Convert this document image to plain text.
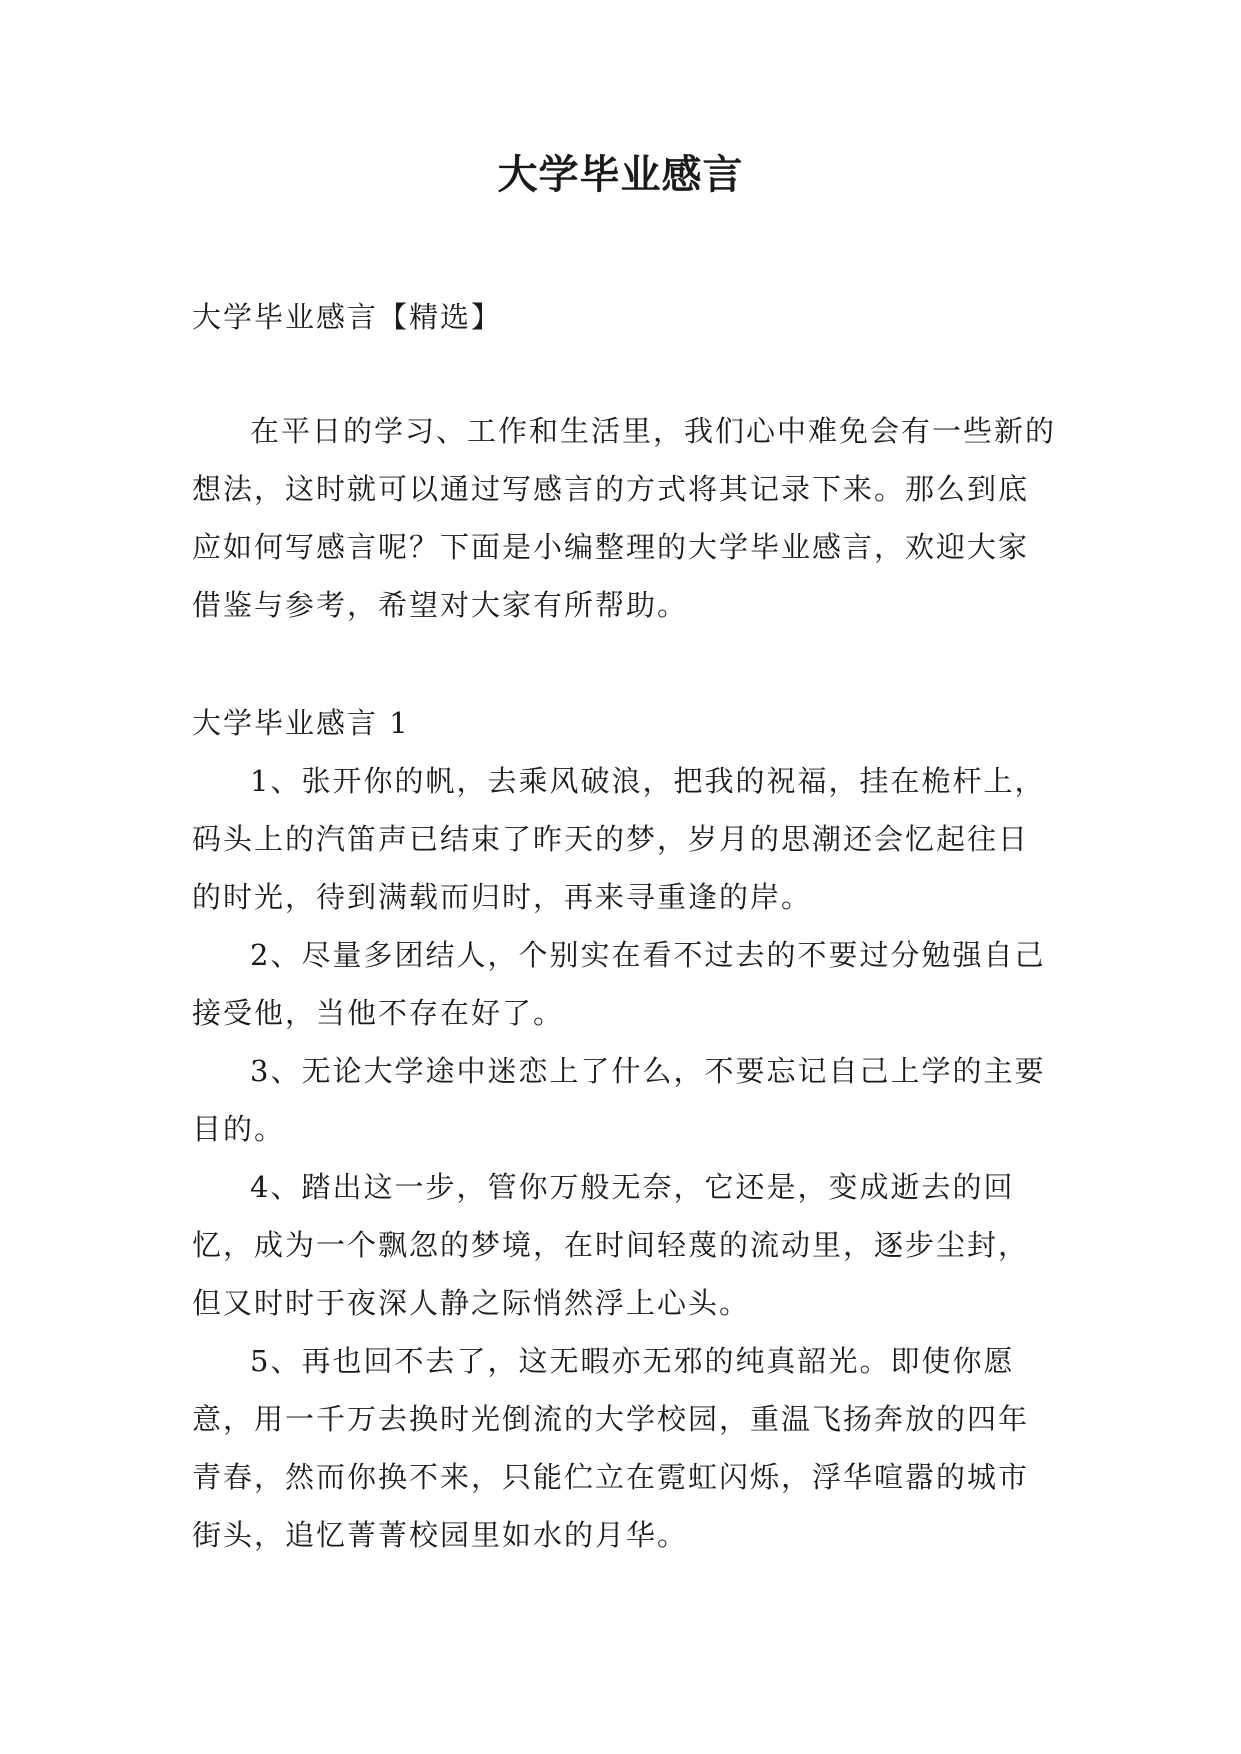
大学毕业感言

大学毕业感言【精选】

在平日的学习、工作和生活里，我们心中难免会有一些新的想法，这时就可以通过写感言的方式将其记录下来。那么到底应如何写感言呢？下面是小编整理的大学毕业感言，欢迎大家借鉴与参考，希望对大家有所帮助。

大学毕业感言 1

1、张开你的帆，去乘风破浪，把我的祝福，挂在桅杆上，码头上的汽笛声已结束了昨天的梦，岁月的思潮还会忆起往日的时光，待到满载而归时，再来寻重逢的岸。

2、尽量多团结人，个别实在看不过去的不要过分勉强自己接受他，当他不存在好了。

3、无论大学途中迷恋上了什么，不要忘记自己上学的主要目的。

4、踏出这一步，管你万般无奈，它还是，变成逝去的回忆，成为一个飘忽的梦境，在时间轻蔑的流动里，逐步尘封，但又时时于夜深人静之际悄然浮上心头。

5、再也回不去了，这无暇亦无邪的纯真韶光。即使你愿意，用一千万去换时光倒流的大学校园，重温飞扬奔放的四年青春，然而你换不来，只能伫立在霓虹闪烁，浮华喧嚣的城市街头，追忆菁菁校园里如水的月华。
